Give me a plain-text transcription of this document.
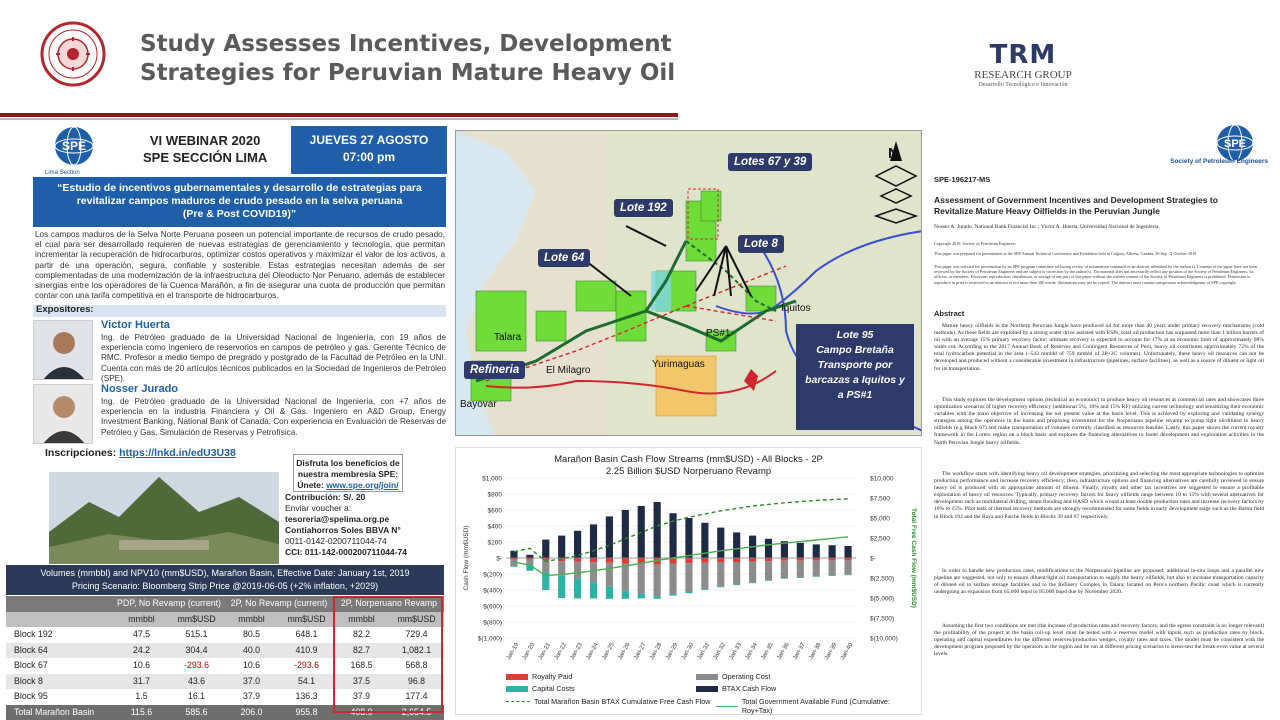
Study Assesses Incentives, Development
Strategies for Peruvian Mature Heavy Oil
TRM
RESEARCH GROUP
Desarrollo Tecnológico e Innovación
SPE
Lima Section
VI WEBINAR 2020
SPE SECCIÓN LIMA
JUEVES 27 AGOSTO
07:00 pm
“Estudio de incentivos gubernamentales y desarrollo de estrategias para
revitalizar campos maduros de crudo pesado en la selva peruana
(Pre & Post COVID19)”
Los campos maduros de la Selva Norte Peruana poseen un potencial importante de recursos de crudo pesado, el cual para ser desarrollado requieren de nuevas estrategias de gerenciamiento y tecnología, que permitan incrementar la recuperación de hidrocarburos, optimizar costos operativos y maximizar el valor de los activos, a partir de una operación, segura, confiable y sostenible. Estas estrategias necesitan además de ser complementadas de una modernización de la infraestructura del Oleoducto Nor Peruano, además de establecer sinergias entre los operadores de la Cuenca Marañón, a fin de asegurar una cuota de producción que permitan contar con una tarifa competitiva en el transporte de hidrocarburos.
Expositores:
Victor Huerta
Ing. de Petróleo graduado de la Universidad Nacional de Ingeniería, con 19 años de experiencia como ingeniero de reservorios en campos de petróleo y gas. Gerente Técnico de RMC. Profesor a medio tiempo de pregrado y postgrado de la Facultad de Petróleo en la UNI. Cuenta con más de 20 artículos técnicos publicados en la Sociedad de Ingenieros de Petróleo (SPE).
Nosser Jurado
Ing. de Petróleo graduado de la Universidad Nacional de Ingeniería, con +7 años de experiencia en la industria Financiera y Oil & Gas. Ingeniero en A&D Group, Energy Investment Banking, National Bank of Canada. Con experiencia en Evaluación de Reservas de Petróleo y Gas, Simulación de Reservas y Petrofísica.
Inscripciones: https://lnkd.in/edU3U38
Disfruta los beneficios de
nuestra membresía SPE:
Únete: www.spe.org/join/
Contribución: S/. 20
Enviar voucher a:
tesoreria@spelima.org.pe
Contiahorros Soles BBVA N°
0011-0142-0200711044-74
CCI: 011-142-000200711044-74
Volumes (mmbbl) and NPV10 (mm$USD), Marañon Basin, Effective Date: January 1st, 2019
Pricing Scenario: Bloomberg Strip Price @2019-06-05 (+2% inflation, +2029)
PDP, No Revamp (current)	2P, No Revamp (current)	2P, Norperuano Revamp
mmbbl	mm$USD	mmbbl	mm$USD	mmbbl	mm$USD
Block 192	47.5	515.1	80.5	648.1	82.2	729.4
Block 64	24.2	304.4	40.0	410.9	82.7	1,082.1
Block 67	10.6	-293.6	10.6	-293.6	168.5	568.8
Block 8	31.7	43.6	37.0	54.1	37.5	96.8
Block 95	1.5	16.1	37.9	136.3	37.9	177.4
Total Marañon Basin	115.6	585.6	206.0	955.8	408.9	2,654.5
N
Lotes 67 y 39
Lote 192
Lote 8
Lote 64
Refineria
Lote 95
Campo Bretaña
Transporte por
barcazas a Iquitos y
a PS#1
Talara
Bayovar
El Milagro
Yurimaguas
Iquitos
PS#1
Marañon Basin Cash Flow Streams (mm$USD) - All Blocks - 2P
2.25 Billion $USD Norperuano Revamp
$1,000
$800
$600
$400
$200
$-
$(200)
$(400)
$(600)
$(800)
$(1,000)
$10,000
$7,500
$5,000
$2,500
$-
$(2,500)
$(5,000)
$(7,500)
$(10,000)
Cash Flow (mm$USD)	Total Free Cash Flow (mm$USD)
Jan-19 Jan-20 Jan-21 Jan-22 Jan-23 Jan-24 Jan-25 Jan-26 Jan-27 Jan-28 Jan-29 Jan-30 Jan-31 Jan-32 Jan-33 Jan-34 Jan-35 Jan-36 Jan-37 Jan-38 Jan-39 Jan-40
Royalty Paid	Operating Cost
Capital Costs	BTAX Cash Flow
Total Marañon Basin BTAX Cumulative Free Cash Flow	Total Government Available Fund (Cumulative: Roy+Tax)
SPE
Society of Petroleum Engineers
SPE-196217-MS
Assessment of Government Incentives and Development Strategies to Revitalize Mature Heavy Oilfields in the Peruvian Jungle
Nosser A. Jurado, National Bank Financial Inc.; Victor A. Huerta, Universidad Nacional de Ingenieria
Copyright 2019, Society of Petroleum Engineers
This paper was prepared for presentation at the SPE Annual Technical Conference and Exhibition held in Calgary, Alberta, Canada, 30 Sep - 2 October 2019.
This paper was selected for presentation by an SPE program committee following review of information contained in an abstract submitted by the author(s). Contents of the paper have not been reviewed by the Society of Petroleum Engineers and are subject to correction by the author(s). The material does not necessarily reflect any position of the Society of Petroleum Engineers, its officers, or members. Electronic reproduction, distribution, or storage of any part of this paper without the written consent of the Society of Petroleum Engineers is prohibited. Permission to reproduce in print is restricted to an abstract of not more than 300 words; illustrations may not be copied. The abstract must contain conspicuous acknowledgment of SPE copyright.
Abstract
Mature heavy oilfields in the Northern Peruvian Jungle have produced oil for more than 40 years under primary recovery mechanisms (cold methods). As these fields are exploited by a strong water drive assisted with ESPs, total oil production has surpassed more than 1 billion barrels of oil with an average 15% primary recovery factor; ultimate recovery is expected to account for 17% at an economic limit of approximately 98% water cut. According to the 2017 Annual Book of Reserves and Contingent Resources of Peru, heavy oil contributes approximately 72% of the total hydrocarbon potential in the area (~543 mmbbl of 759 mmbbl of 2P+2C volumes). Unfortunately, these heavy oil resources can not be developed and produced without a considerable investment in infrastructure (pipelines, surface facilities), as well as a source of diluent or light oil for its transportation.
This study explores the development options (technical an economic) to produce heavy oil resources at commercial rates and showcases three optimization scenarios of higher recovery efficiency (additional 5%, 10% and 15% RF) utilizing current technology and sensitizing their economic variables with the main objective of increasing the net present value at the basin level. This is achieved by exploring and validating synergy strategies among the operators in the basin and proposing investment for the Norperuano pipeline revamp to pump light oil/diluent to heavy oilfields (e.g Block 67) and make transportation of volumes currently classified as resources feasible. Lastly, this paper shows the current royalty framework in the Loreto region on a block basis and explores the financing alternatives to foster development and exploration activities in the North Peruvian Jungle heavy oilfields.
The workflow starts with identifying heavy oil development strategies, prioritizing and selecting the most appropriate technologies to optimize production performance and increase recovery efficiency; then, infrastructure options and financing alternatives are carefully reviewed to ensure heavy oil is produced with an appropriate amount of diluent. Finally, royalty and other tax incentives are suggested to ensure a profitable exploitation of heavy oil resources. Typically, primary recovery factors for heavy oilfields range between 10 to 15% with several alternatives for development such as multilateral drilling, steam flooding and HASD which would at least double production rates and increase recovery factors by 10% to 15%. Pilot tests of thermal recovery methods are strongly recommended for some fields in early development stage such as the Bartra field in Block 192 and the Raya and Paiche fields in Blocks 39 and 67 respectively.
In order to handle new production rates, modifications to the Norperuano pipeline are proposed; additional in-situ loops and a parallel new pipeline are suggested, not only to ensure diluent/light oil transportation to supply the heavy oilfields, but also to increase transportation capacity of diluted oil to surface storage facilities and to the Refinery Complex in Talara; located on Peru's northern Pacific coast which is currently undergoing an expansion from 65,000 bopd to 95,000 bopd due by November 2020.
Assuming the first two conditions are met (the increase of production rates and recovery factors, and the egress constraint is no longer relevant) the profitability of the project at the basin roll-up level must be tested with a reserves model with inputs such as production rates by block, operating and capital expenditures for the different reserves/production wedges, royalty rates and taxes. The model must be consistent with the development program proposed by the operators in the region and be run at different pricing scenarios to stress-test the break-even value at several levels.
